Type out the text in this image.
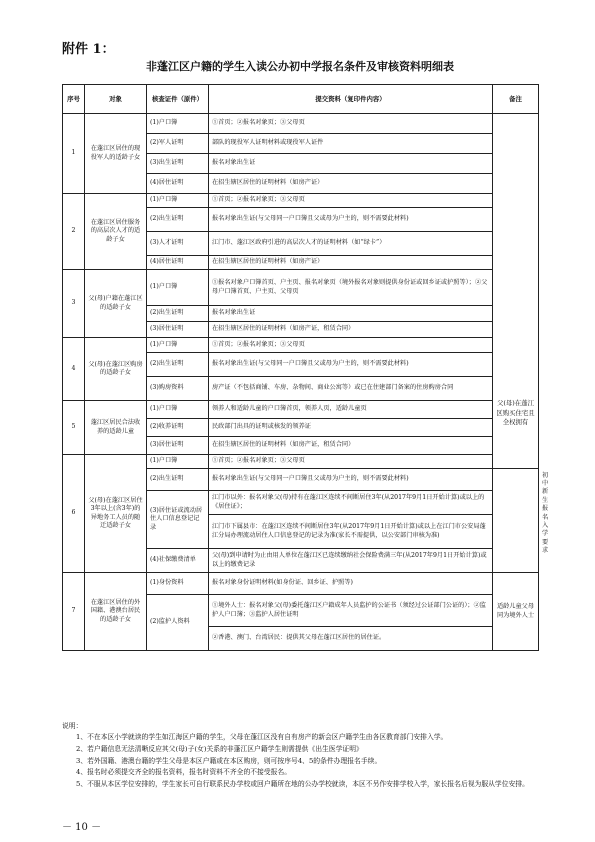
附件 1：
非蓬江区户籍的学生入读公办初中学报名条件及审核资料明细表
序号	对象	核查证件（原件）	提交资料（复印件内容）	备注	
1	在蓬江区居住的现役军人的适龄子女	(1)户口簿	①首页；②报名对象页；③父母页	父(母)在蓬江区购买住宅且全权拥有	

		(2)军人证明	部队的现役军人证明材料或现役军人证件		
		(3)出生证明	报名对象出生证		
		(4)居住证明	在招生辖区居住的证明材料（如房产证）		
2	在蓬江区居住服务的高层次人才的适龄子女	(1)户口簿	①首页；②报名对象页；③父母页		
		(2)出生证明	报名对象出生证(与父母同一户口簿且父或母为户主的，则不需要此材料)		
		(3)人才证明	江门市、蓬江区政府引进的高层次人才的证明材料（如“绿卡”）		
		(4)居住证明	在招生辖区居住的证明材料（如房产证）		
3	父(母)户籍在蓬江区的适龄子女	(1)户口簿	①报名对象户口簿首页、户主页、报名对象页（境外报名对象则提供身份证或回乡证或护照等）；②父母户口簿首页、户主页、父母页		
		(2)出生证明	报名对象出生证		
		(3)居住证明	在招生辖区居住的证明材料（如房产证，租赁合同）		
4	父(母)在蓬江区购房的适龄子女	(1)户口簿	①首页；②报名对象页；③父母页		
		(2)出生证明	报名对象出生证(与父母同一户口簿且父或母为户主的，则不需要此材料)		
		(3)购房资料	房产证（不包括商铺、车房、杂物间、商业公寓等）或已在住建部门备案的住房购房合同		
5	蓬江区居民合法收养的适龄儿童	(1)户口簿	领养人和适龄儿童的户口簿首页，领养人页，适龄儿童页		
		(2)收养证明	民政部门出具的证明或核发的领养证		
		(3)居住证明	在招生辖区居住的证明材料（如房产证，租赁合同）		
6	父(母)在蓬江区居住3年以上(含3年)的异地务工人员的随迁适龄子女	(1)户口簿	①首页；②报名对象页；③父母页		初中新生报名入学要求
		(2)出生证明	报名对象出生证(与父母同一户口簿且父或母为户主的，则不需要此材料)		
		(3)居住证或流动居住人口信息登记记录	江门市以外：报名对象父(母)持有在蓬江区连续不间断居住3年(从2017年9月1日开始计算)或以上的《居住证》；		
			江门市下属县市：在蓬江区连续不间断居住3年(从2017年9月1日开始计算)或以上在江门市公安局蓬江分局办理流动居住人口信息登记的记录为准(家长不需提供，以公安部门审核为准)		
		(4)社保缴费清单	父(母)到申请时为止由用人单位在蓬江区已连续缴纳社会保险费满三年(从2017年9月1日开始计算)或以上的缴费记录		
7	在蓬江区居住的外国籍、港澳台居民的适龄子女	(1)身份资料	报名对象身份证明材料(如身份证、回乡证、护照等)	适龄儿童父母同为境外人士	
		(2)监护人资料	①境外人士：报名对象父(母)委托蓬江区户籍成年人员监护的公证书（须经过公证部门公证的）；②监护人户口簿；③监护人居住证明		
			②香港、澳门、台湾居民：提供其父母在蓬江区居住的居住证。		
说明：

1、不在本区小学就读的学生如江海区户籍的学生，父母在蓬江区没有自有房产的新会区户籍学生由各区教育部门安排入学。

2、若户籍信息无法清晰反应其父(母)子(女)关系的非蓬江区户籍学生则需提供《出生医学证明》

3、若外国籍、港澳台籍的学生父母是本区户籍或在本区购房，则可按序号4、5的条件办理报名手续。

4、报名时必须提交齐全的报名资料，报名时资料不齐全的不接受报名。

5、不服从本区学位安排的，学生家长可自行联系民办学校或回户籍所在地的公办学校就读，本区不另作安排学校入学，家长报名后视为服从学位安排。

－ 10 －
